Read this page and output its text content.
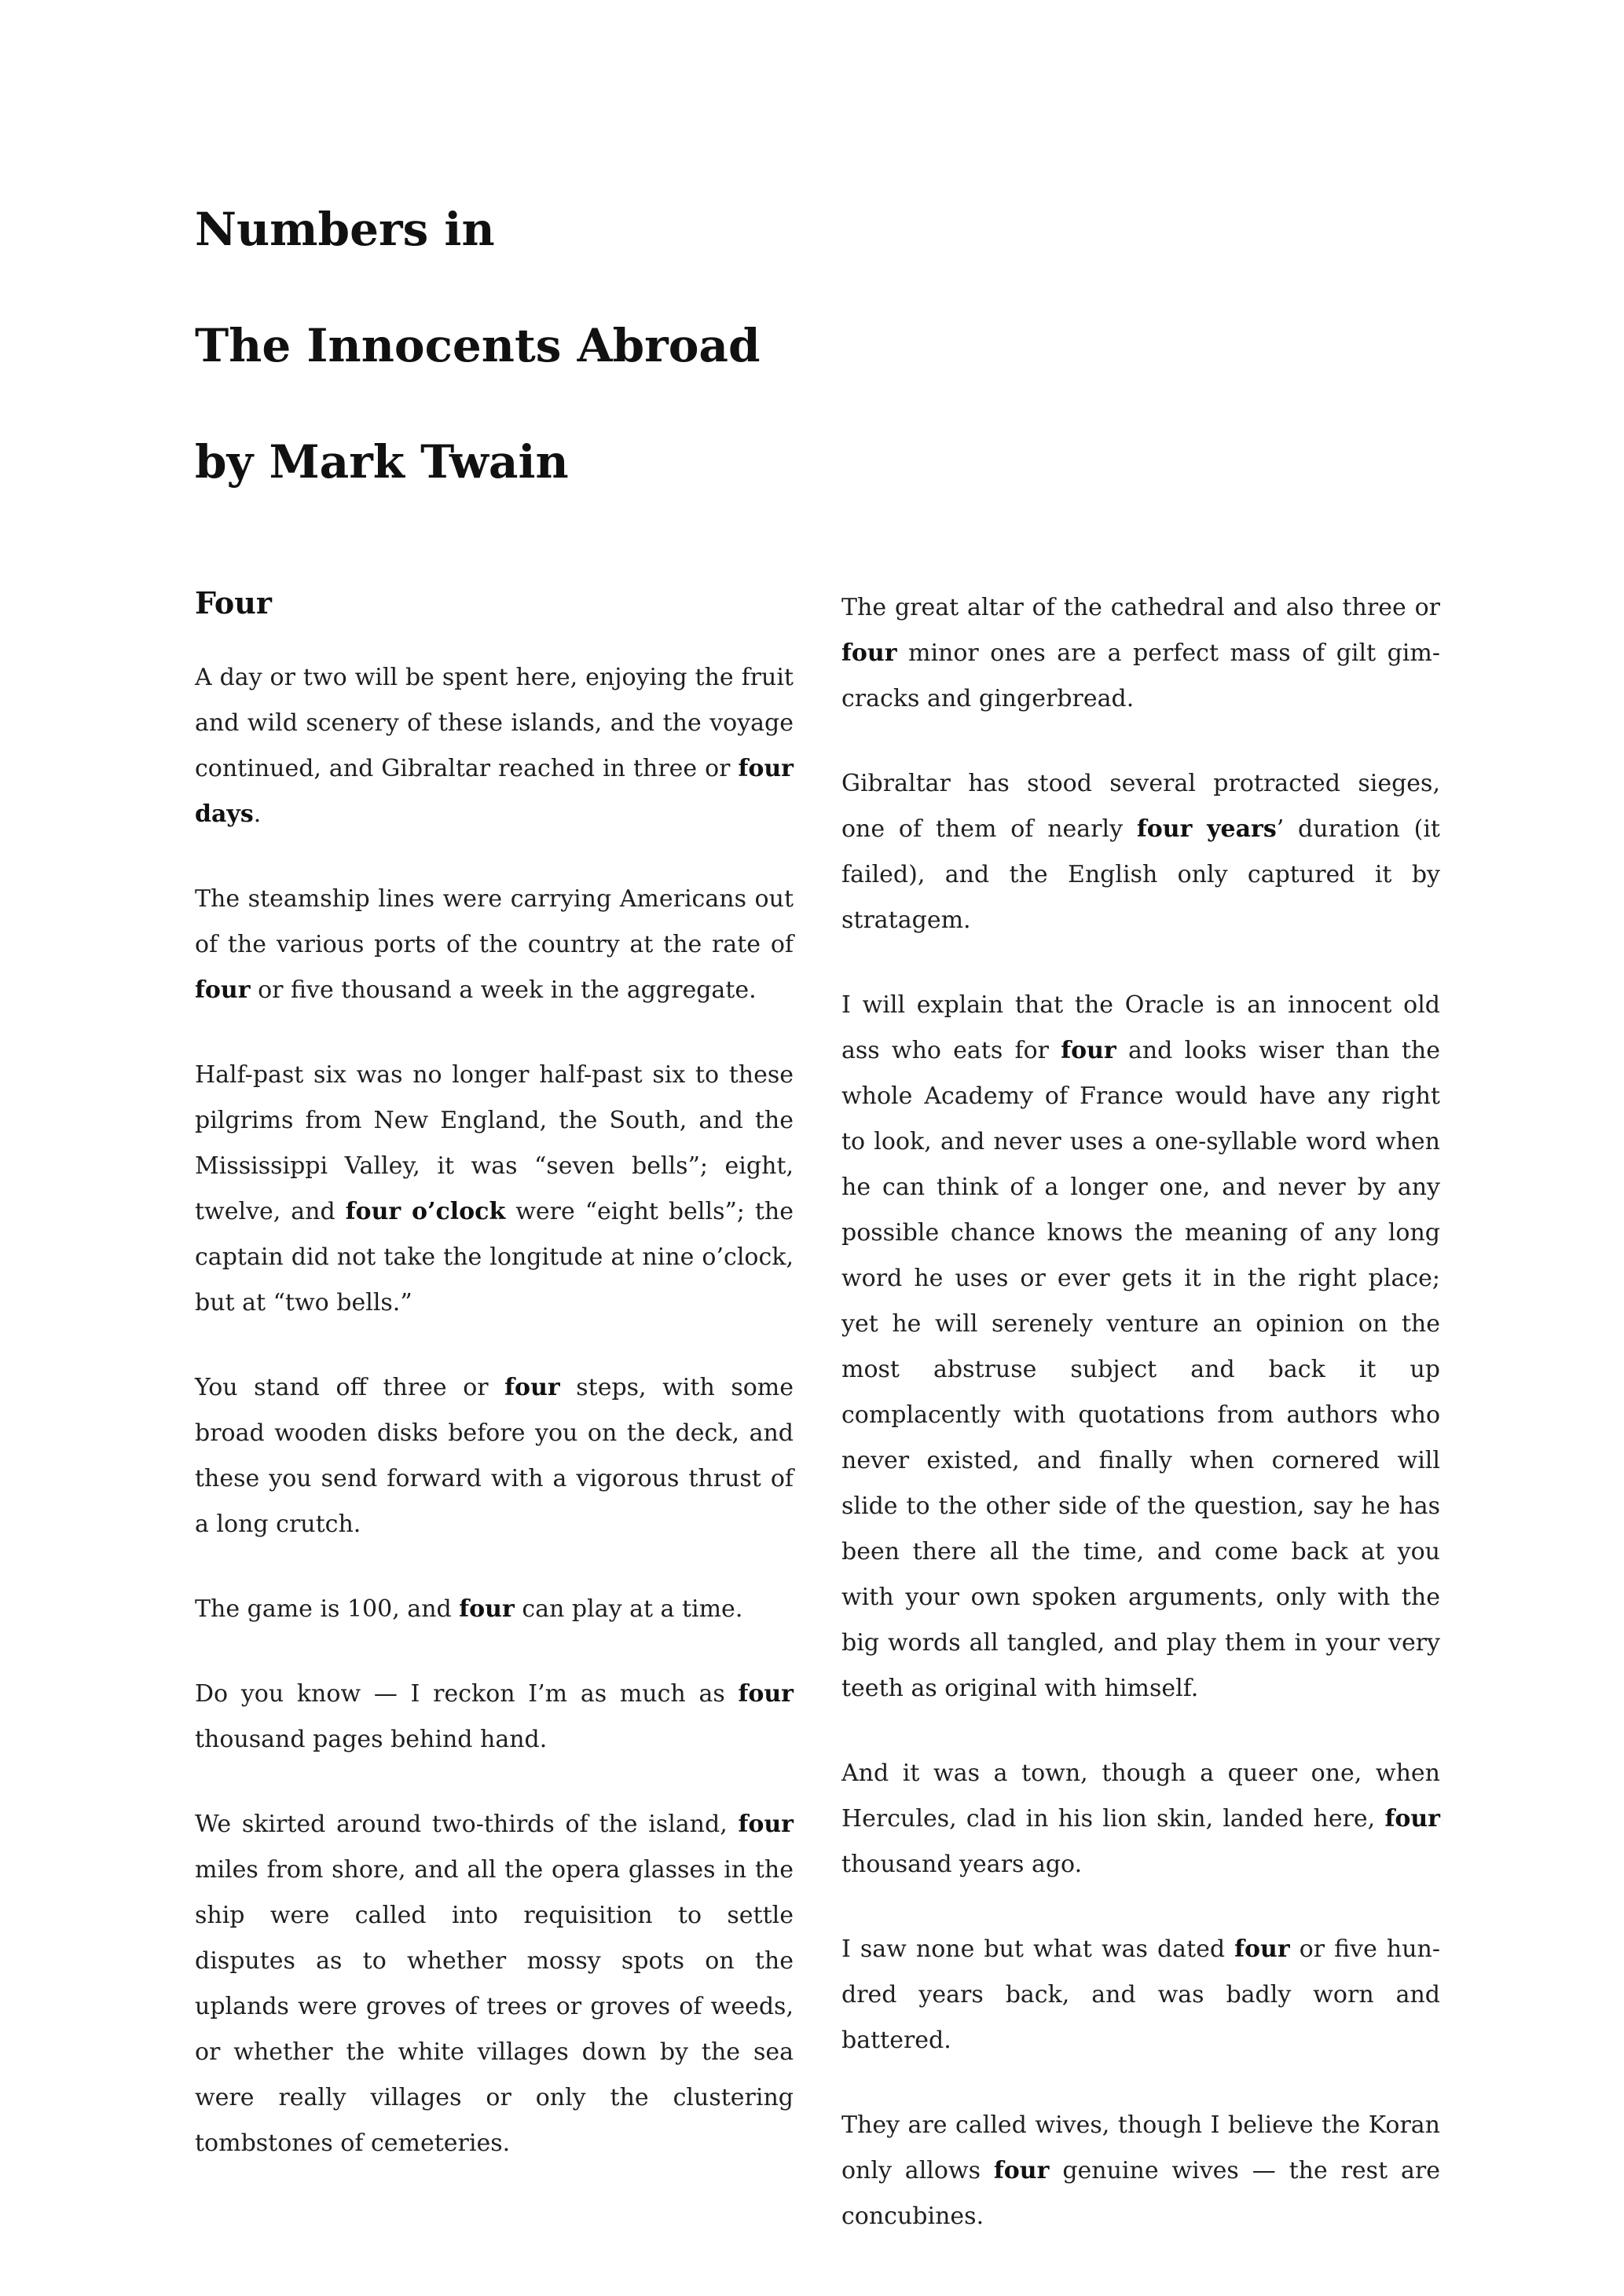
Numbers in
The Innocents Abroad
by Mark Twain
Four

A day or two will be spent here, enjoying the fruit and wild scenery of these islands, and the voyage continued, and Gibraltar reached in three or four days.

The steamship lines were carrying Americans out of the various ports of the country at the rate of four or five thousand a week in the aggregate.

Half-past six was no longer half-past six to these pilgrims from New England, the South, and the Mississippi Valley, it was “seven bells”; eight, twelve, and four o’clock were “eight bells”; the captain did not take the longitude at nine o’clock, but at “two bells.”

You stand off three or four steps, with some broad wooden disks before you on the deck, and these you send forward with a vigorous thrust of a long crutch.

The game is 100, and four can play at a time.

Do you know — I reckon I’m as much as four thousand pages behind hand.

We skirted around two-thirds of the island, four miles from shore, and all the opera glasses in the ship were called into requisition to settle disputes as to whether mossy spots on the uplands were groves of trees or groves of weeds, or whether the white villages down by the sea were really villages or only the clustering tombstones of cemeteries.

The great altar of the cathedral and also three or four minor ones are a perfect mass of gilt gimcracks and gingerbread.

Gibraltar has stood several protracted sieges, one of them of nearly four years’ duration (it failed), and the English only captured it by stratagem.

I will explain that the Oracle is an innocent old ass who eats for four and looks wiser than the whole Academy of France would have any right to look, and never uses a one-syllable word when he can think of a longer one, and never by any possible chance knows the meaning of any long word he uses or ever gets it in the right place; yet he will serenely venture an opinion on the most abstruse subject and back it up complacently with quotations from authors who never existed, and finally when cornered will slide to the other side of the question, say he has been there all the time, and come back at you with your own spoken arguments, only with the big words all tangled, and play them in your very teeth as original with himself.

And it was a town, though a queer one, when Hercules, clad in his lion skin, landed here, four thousand years ago.

I saw none but what was dated four or five hundred years back, and was badly worn and battered.

They are called wives, though I believe the Koran only allows four genuine wives — the rest are concubines.
